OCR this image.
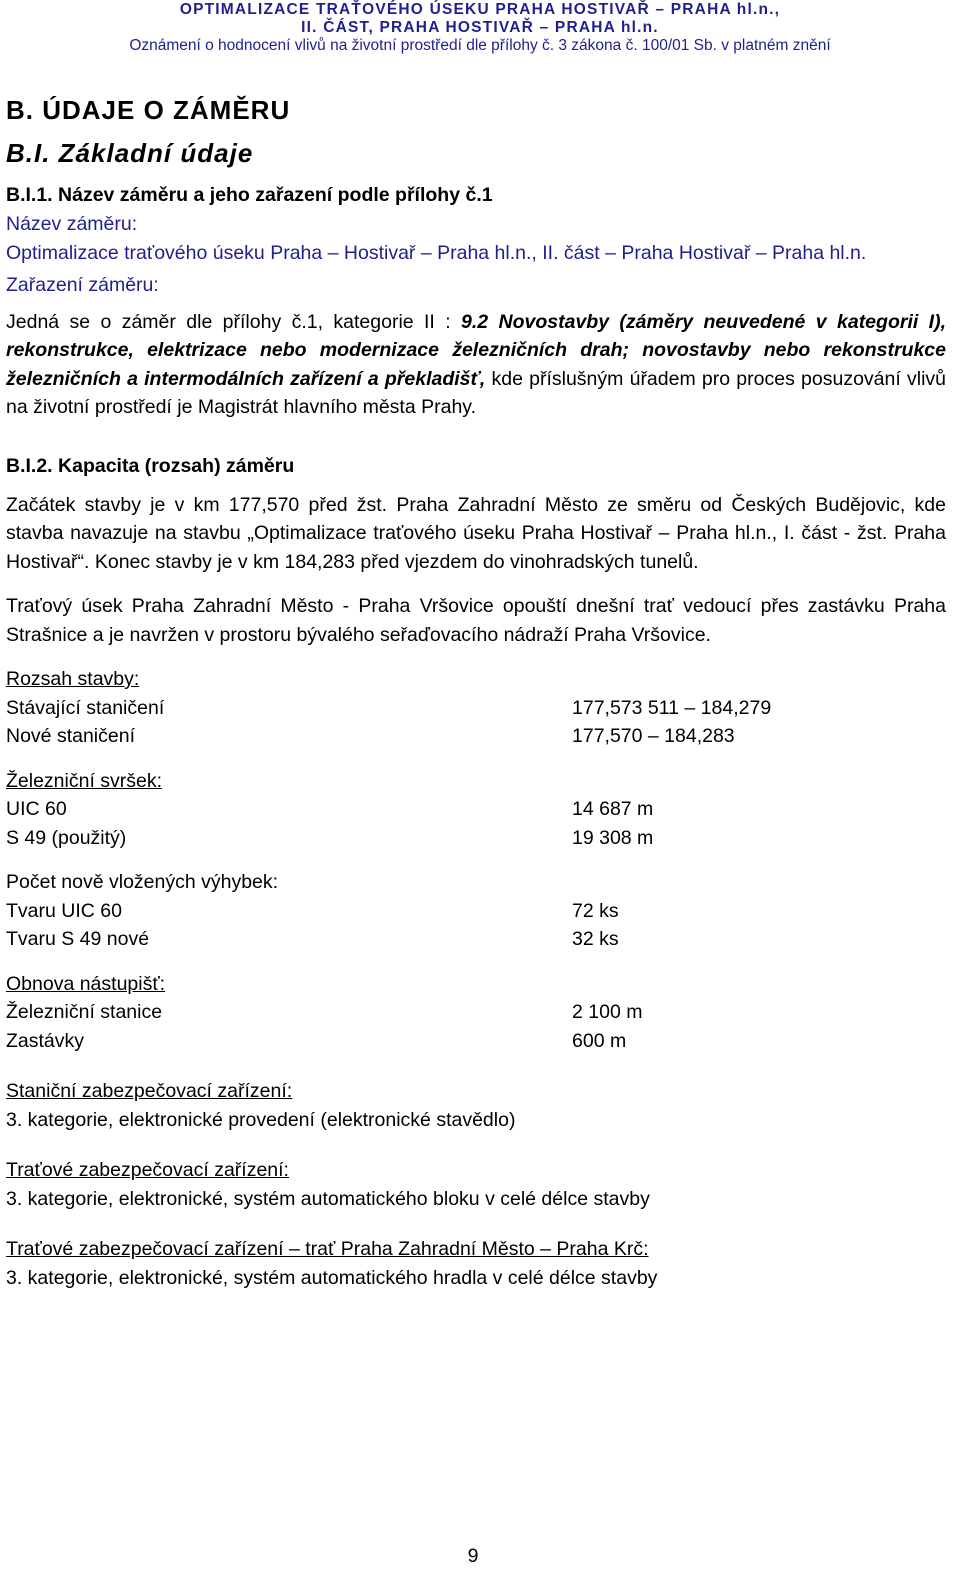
OPTIMALIZACE TRAŤOVÉHO ÚSEKU PRAHA HOSTIVAŘ – PRAHA hl.n.,
II. ČÁST, PRAHA HOSTIVAŘ – PRAHA hl.n.
Oznámení o hodnocení vlivů na životní prostředí dle přílohy č. 3 zákona č. 100/01 Sb. v platném znění
B. ÚDAJE O ZÁMĚRU
B.I. Základní údaje
B.I.1. Název záměru a jeho zařazení podle přílohy č.1

Název záměru:

Optimalizace traťového úseku Praha – Hostivař – Praha hl.n., II. část – Praha Hostivař – Praha hl.n.

Zařazení záměru:

Jedná se o záměr dle přílohy č.1, kategorie II : 9.2 Novostavby (záměry neuvedené v kategorii I), rekonstrukce, elektrizace nebo modernizace železničních drah; novostavby nebo rekonstrukce železničních a intermodálních zařízení a překladišť, kde příslušným úřadem pro proces posuzování vlivů na životní prostředí je Magistrát hlavního města Prahy.

B.I.2. Kapacita (rozsah) záměru

Začátek stavby je v km 177,570 před žst. Praha Zahradní Město ze směru od Českých Budějovic, kde stavba navazuje na stavbu „Optimalizace traťového úseku Praha Hostivař – Praha hl.n., I. část - žst. Praha Hostivař“. Konec stavby je v km 184,283 před vjezdem do vinohradských tunelů.

Traťový úsek Praha Zahradní Město - Praha Vršovice opouští dnešní trať vedoucí přes zastávku Praha Strašnice a je navržen v prostoru bývalého seřaďovacího nádraží Praha Vršovice.

Rozsah stavby:

Stávající staničení	177,573 511 – 184,279
Nové staničení	177,570 – 184,283

Železniční svršek:

UIC 60	14 687 m
S 49 (použitý)	19 308 m

Počet nově vložených výhybek:

Tvaru UIC 60	72 ks
Tvaru S 49 nové	32 ks

Obnova nástupišť:

Železniční stanice	2 100 m
Zastávky	600 m

Staniční zabezpečovací zařízení:

3. kategorie, elektronické provedení (elektronické stavědlo)

Traťové zabezpečovací zařízení:

3. kategorie, elektronické, systém automatického bloku v celé délce stavby

Traťové zabezpečovací zařízení – trať Praha Zahradní Město – Praha Krč:

3. kategorie, elektronické, systém automatického hradla v celé délce stavby

9
